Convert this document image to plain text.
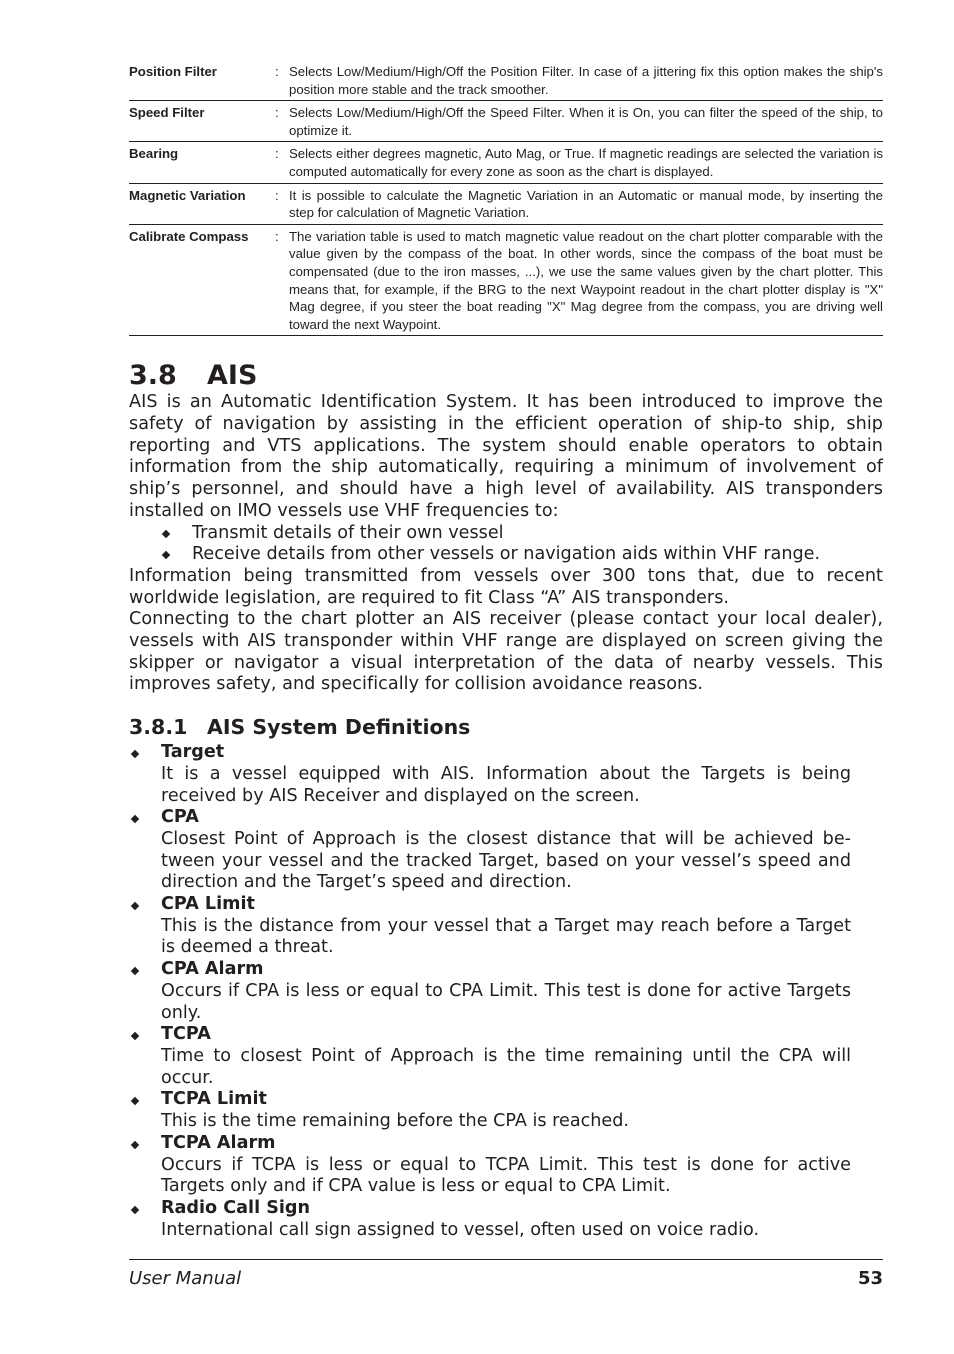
Position Filter	:	Selects Low/Medium/High/Off the Position Filter. In case of a jittering fix this option makes the ship's position more stable and the track smoother.
Speed Filter	:	Selects Low/Medium/High/Off the Speed Filter. When it is On, you can filter the speed of the ship, to optimize it.
Bearing	:	Selects either degrees magnetic, Auto Mag, or True. If magnetic readings are selected the variation is computed automatically for every zone as soon as the chart is displayed.
Magnetic Variation	:	It is possible to calculate the Magnetic Variation in an Automatic or manual mode, by inserting the step for calculation of Magnetic Variation.
Calibrate Compass	:	The variation table is used to match magnetic value readout on the chart plotter comparable with the value given by the compass of the boat. In other words, since the compass of the boat must be compensated (due to the iron masses, ...), we use the same values given by the chart plotter. This means that, for example, if the BRG to the next Waypoint readout in the chart plotter display is "X" Mag degree, if you steer the boat reading "X" Mag degree from the compass, you are driving well toward the next Waypoint.
3.8 AIS

AIS is an Automatic Identification System. It has been introduced to improve the safety of navigation by assisting in the efficient operation of ship-to ship, ship reporting and VTS applications. The system should enable operators to obtain information from the ship automatically, requiring a minimum of involvement of ship’s personnel, and should have a high level of availability. AIS transponders installed on IMO vessels use VHF frequencies to:

Transmit details of their own vessel
Receive details from other vessels or navigation aids within VHF range.

Information being transmitted from vessels over 300 tons that, due to recent worldwide legislation, are required to fit Class “A” AIS transponders.

Connecting to the chart plotter an AIS receiver (please contact your local dealer), vessels with AIS transponder within VHF range are displayed on screen giving the skipper or navigator a visual interpretation of the data of nearby vessels. This improves safety, and specifically for collision avoidance reasons.

3.8.1 AIS System Definitions
Target
It is a vessel equipped with AIS. Information about the Targets is being received by AIS Receiver and displayed on the screen.
CPA
Closest Point of Approach is the closest distance that will be achieved be-tween your vessel and the tracked Target, based on your vessel’s speed and direction and the Target’s speed and direction.
CPA Limit
This is the distance from your vessel that a Target may reach before a Target is deemed a threat.
CPA Alarm
Occurs if CPA is less or equal to CPA Limit. This test is done for active Targets only.
TCPA
Time to closest Point of Approach is the time remaining until the CPA will occur.
TCPA Limit
This is the time remaining before the CPA is reached.
TCPA Alarm
Occurs if TCPA is less or equal to TCPA Limit. This test is done for active Targets only and if CPA value is less or equal to CPA Limit.
Radio Call Sign
International call sign assigned to vessel, often used on voice radio.
User Manual	53
